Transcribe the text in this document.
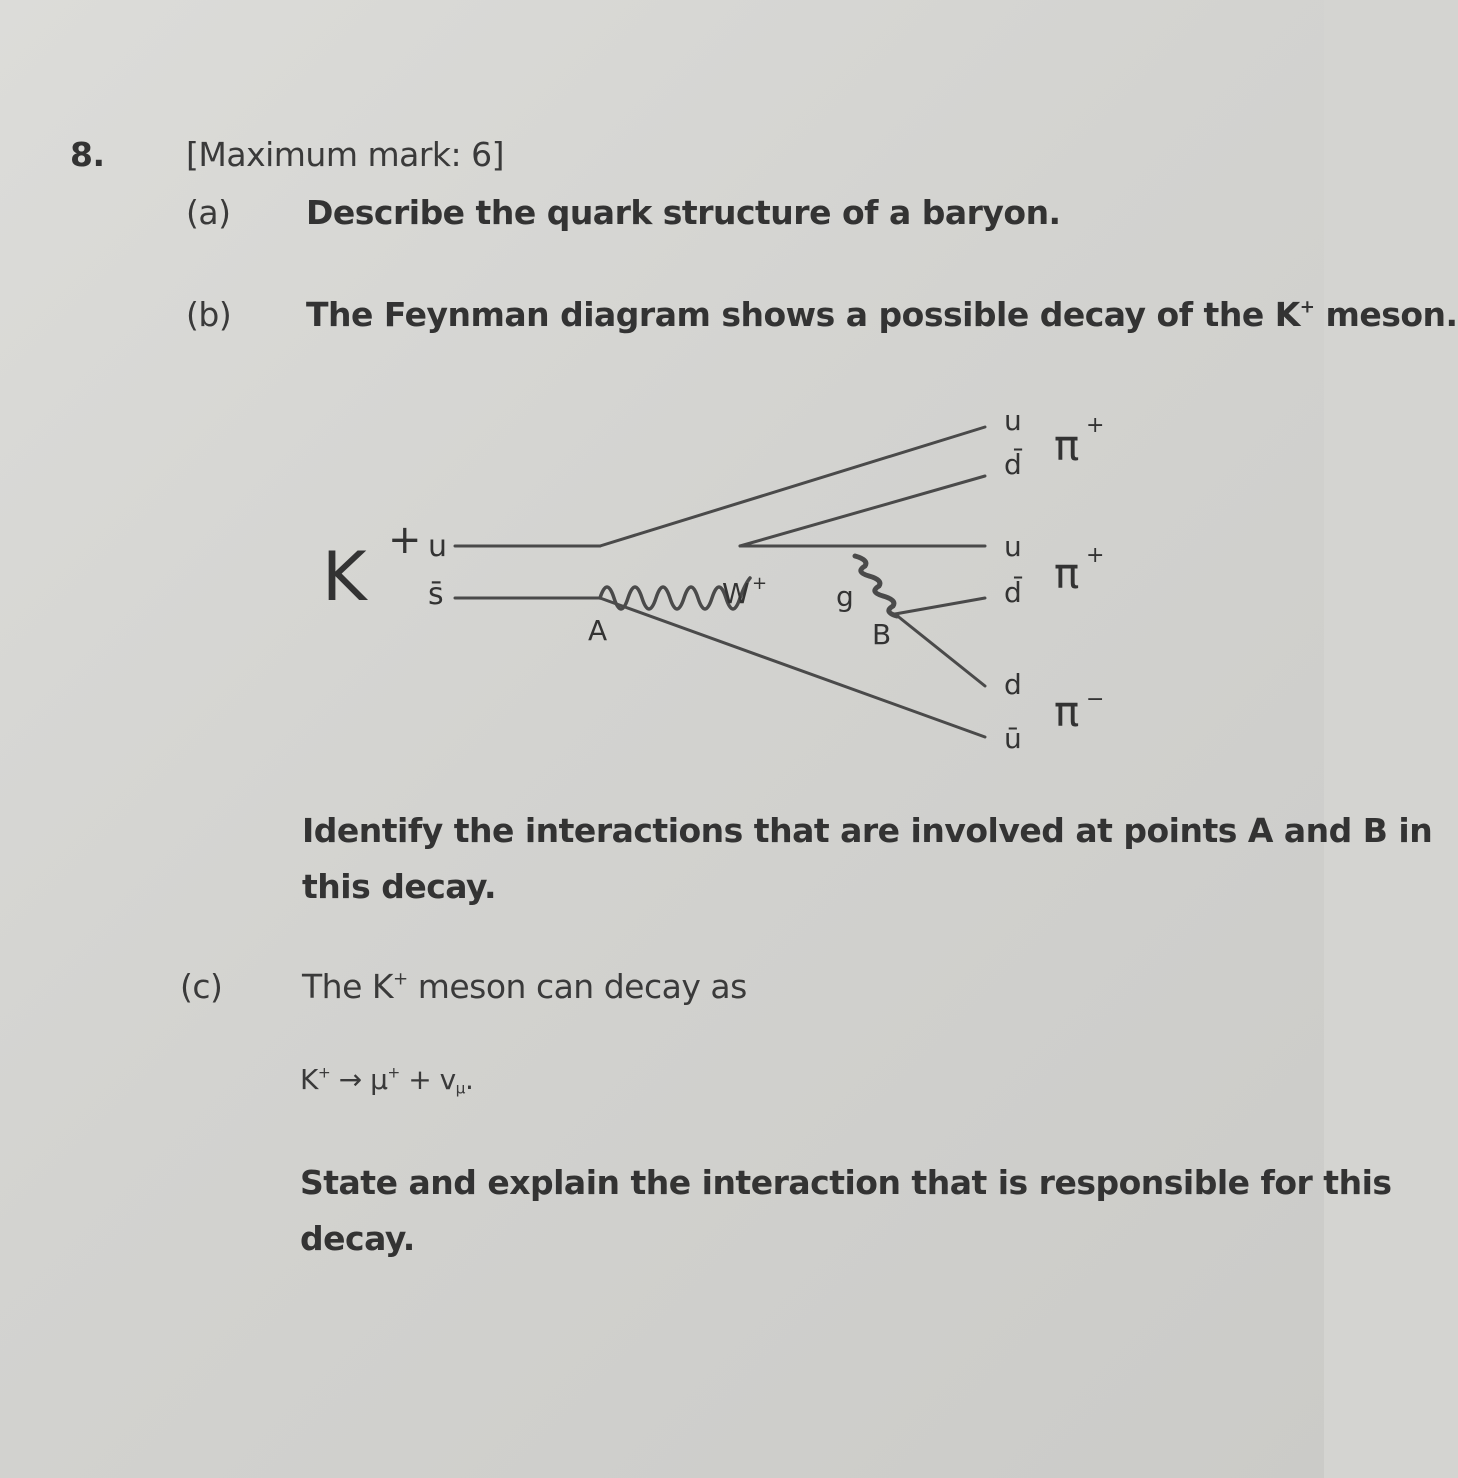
8. [Maximum mark: 6]
(a) Describe the quark structure of a baryon.
(b) The Feynman diagram shows a possible decay of the K+ meson.
K + u
s̄
A
W + g
B
u
d̄ π +
u
d̄ π +
d
ū
π −
Identify the interactions that are involved at points A and B in
this decay.
(c) The K+ meson can decay as
$K^+ \to \mu^+ + v_\mu$.
State and explain the interaction that is responsible for this
decay.
